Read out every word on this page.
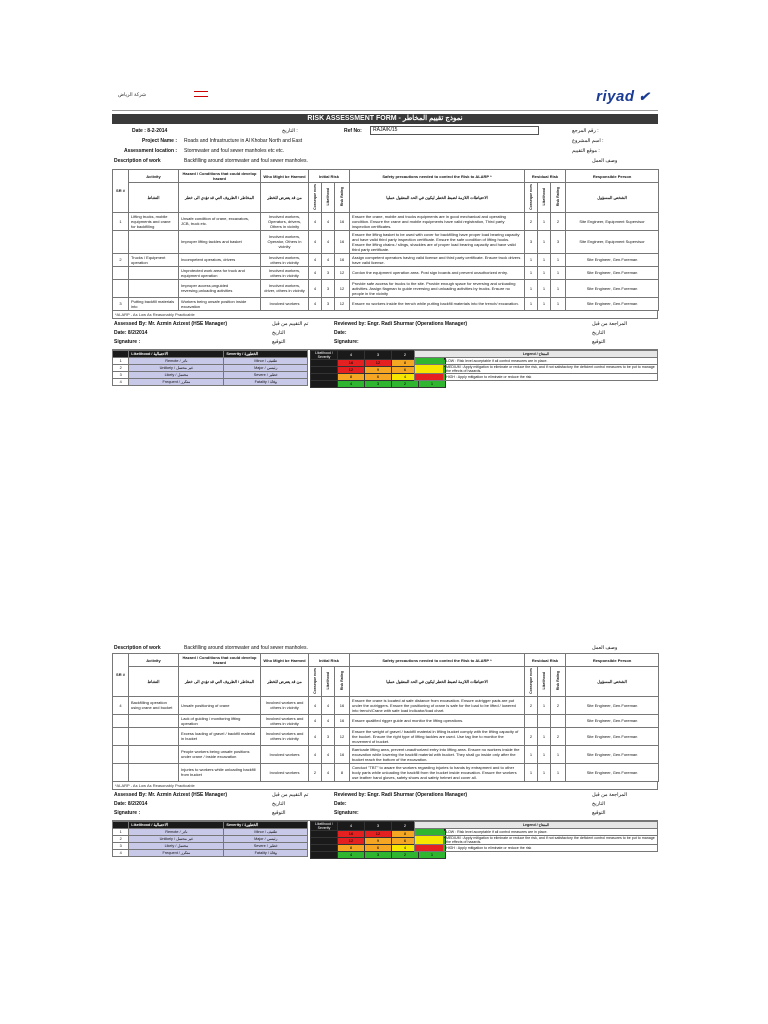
شركة الرياض	riyad ✔
RISK ASSESSMENT FORM - نموذج تقييم المخاطر
Date : 8-2-2014	التاريخ :	Ref No:	RAJA/K/15	رقم المرجع :
Project Name : Roads and Infrastructure in Al Khobar North and East	اسم المشروع :
Assessment location : Stormwater and foul sewer manholes etc etc.	موقع التقييم :
Description of work	Backfilling around stormwater and foul sewer manholes.	وصف العمل
SR #	Activity	Hazard / Conditions that could develop hazard	Who Might be Harmed	Initial Risk			Safety precautions needed to control the Risk to ALARP *	Residual Risk			Responsible Person
	النشاط	المخاطر / الظروف التي قد تؤدي الى خطر	من قد يتعرض للخطر	Conseque nces	Likelihood	Risk Rating	الاحتياطات اللازمة لضبط الخطر ليكون في الحد المعقول عمليا	Conseque nces	Likelihood	Risk Rating	الشخص المسؤول
1	Lifting trucks, mobile equipments and crane for backfilling	Unsafe condition of crane, excavators, JCB, truck etc.	Involved workers, Operators, drivers, Others in vicinity	4	4	16	Ensure the crane, mobile and trucks equipments are in good mechanical and operating condition. Ensure the crane and mobile equipments have valid registration, Third party inspection certificates.	2	1	2	Site Engineer, Equipment Supervisor
		Improper lifting tackles and basket	Involved workers, Operator, Others in vicinity	4	4	16	Ensure the lifting basket to be used with cover for backfilling have proper load bearing capacity and have valid third party inspection certificate. Ensure the safe condition of lifting hooks. Ensure the lifting chains / slings, shackles are of proper load bearing capacity and have valid third party certificate.	3	1	3	Site Engineer, Equipment Supervisor
2	Trucks / Equipment operation	Incompetent operators, drivers	Involved workers, others in vicinity	4	4	16	Assign competent operators having valid license and third party certificate. Ensure truck drivers have valid license.	1	1	1	Site Engineer, Gen.Foreman
		Unprotected work area for truck and equipment operation	Involved workers, others in vicinity	4	3	12	Cordon the equipment operation area. Post sign boards and prevent unauthorized entry.	1	1	1	Site Engineer, Gen.Foreman
		Improper access,unguided reversing,unloading activities	Involved workers, driver, others in vicinity	4	3	12	Provide safe access for trucks to the site. Provide enough space for reversing and unloading activities. Assign flagman to guide reversing and unloading activities by trucks. Ensure no people in the vicinity	1	1	1	Site Engineer, Gen.Foreman
3	Putting backfill materials into	Workers being unsafe position inside excavation	Involved workers	4	3	12	Ensure no workers inside the trench while putting backfill materials into the trench/ excavation.	1	1	1	Site Engineer, Gen.Foreman
*ALARP - As Low As Reasonably Practicable
Assessed By: Mr. Azmin Azizest (HSE Manager)	تم التقييم من قبل
Date: 8/2/2014	التاريخ
Signature :	التوقيع
Reviewed by: Engr. Radi Shurmar (Operations Manager)	المراجعة من قبل
Date:	التاريخ
Signature:	التوقيع
	Likelihood / الاحتمالية	Severity / الخطورة
1	Remote / نادر	Minor / طفيف
2	Unlikely / غير محتمل	Major / رئيسي
3	Likely / محتمل	Severe / خطير
4	Frequent / متكرر	Fatality / وفاة
Likelihood / Severity	4	3	2	
	16	12	8	
	12	9	6	
	8	6	4	
	4	3	2	1
Legend / المفتاح	
	LOW : Risk level acceptable if all control measures are in place.
	MEDIUM : Apply mitigation to eliminate or reduce the risk, and if not satisfactory the deficient control measures to be put to manage the effects of hazards.
	HIGH : Apply mitigation to eliminate or reduce the risk
Description of work	Backfilling around stormwater and foul sewer manholes.	وصف العمل
SR #	Activity	Hazard / Conditions that could develop hazard	Who Might be Harmed	Initial Risk			Safety precautions needed to control the Risk to ALARP *	Residual Risk			Responsible Person
	النشاط	المخاطر / الظروف التي قد تؤدي الى خطر	من قد يتعرض للخطر	Conseque nces	Likelihood	Risk Rating	الاحتياطات اللازمة لضبط الخطر ليكون في الحد المعقول عمليا	Conseque nces	Likelihood	Risk Rating	الشخص المسؤول
4	Backfilling operation using crane and bucket	Unsafe positioning of crane	Involved workers and others in vicinity	4	4	16	Ensure the crane is located at safe distance from excavation. Ensure outrigger pads are put under the outriggers. Ensure the positioning of crane is safe for the load to be lifted / lowered into trench/Crane with safe load indicator/load chart.	2	1	2	Site Engineer, Gen.Foreman
		Lack of guiding / monitoring lifting operation	Involved workers and others in vicinity	4	4	16	Ensure qualified rigger guide and monitor the lifting operations.				Site Engineer, Gen.Foreman
		Excess loading of gravel / backfill material in bucket	Involved workers and others in vicinity	4	3	12	Ensure the weight of gravel / backfill material in lifting bucket comply with the lifting capacity of the bucket. Ensure the right type of lifting tackles are used. Use tag line to monitor the movement of bucket.	2	1	2	Site Engineer, Gen.Foreman
		People workers being unsafe positions under crane / inside excavation	Involved workers	4	4	16	Barricade lifting area, prevent unauthorized entry into lifting area. Ensure no workers inside the excavation while lowering the backfill material with bucket. They shall go inside only after the bucket reach the bottom of the excavation.	1	1	1	Site Engineer, Gen.Foreman
		Injuries to workers while unloading backfill from bucket	Involved workers	2	4	8	Conduct "TBT" to aware the workers regarding injuries to hands by entrapment and to other body parts while unloading the backfill from the bucket inside excavation. Ensure the workers use leather hand gloves, safety shoes and safety helmet and cover all.	1	1	1	Site Engineer, Gen.Foreman
*ALARP - As Low As Reasonably Practicable
Assessed By: Mr. Azmin Azizest (HSE Manager)	تم التقييم من قبل
Date: 8/2/2014	التاريخ
Signature :	التوقيع
Reviewed by: Engr. Radi Shurmar (Operations Manager)	المراجعة من قبل
Date:	التاريخ
Signature:	التوقيع
	Likelihood / الاحتمالية	Severity / الخطورة
1	Remote / نادر	Minor / طفيف
2	Unlikely / غير محتمل	Major / رئيسي
3	Likely / محتمل	Severe / خطير
4	Frequent / متكرر	Fatality / وفاة
Likelihood / Severity	4	3	2	
	16	12	8	
	12	9	6	
	8	6	4	
	4	3	2	1
Legend / المفتاح	
	LOW : Risk level acceptable if all control measures are in place.
	MEDIUM : Apply mitigation to eliminate or reduce the risk, and if not satisfactory the deficient control measures to be put to manage the effects of hazards.
	HIGH : Apply mitigation to eliminate or reduce the risk
